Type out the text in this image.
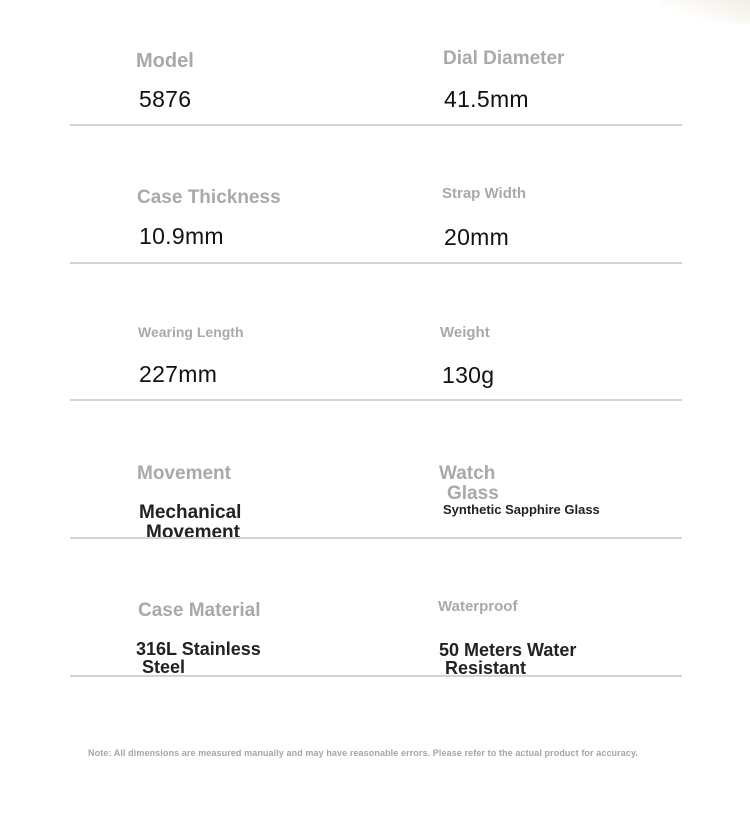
Model
5876
Dial Diameter
41.5mm
Case Thickness
10.9mm
Strap Width
20mm
Wearing Length
227mm
Weight
130g
Movement
Mechanical
Movement
Watch
Glass
Synthetic Sapphire Glass
Case Material
316L Stainless
Steel
Waterproof
50 Meters Water
Resistant
Note: All dimensions are measured manually and may have reasonable errors. Please refer to the actual product for accuracy.
